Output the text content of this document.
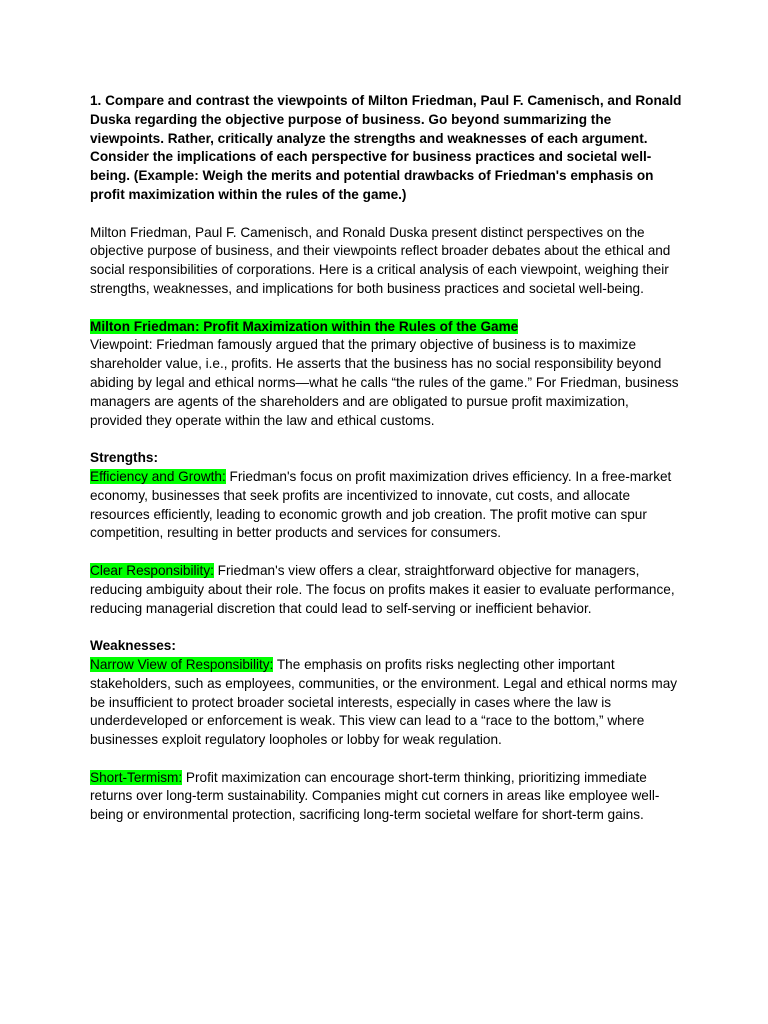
1. Compare and contrast the viewpoints of Milton Friedman, Paul F. Camenisch, and Ronald Duska regarding the objective purpose of business. Go beyond summarizing the viewpoints. Rather, critically analyze the strengths and weaknesses of each argument. Consider the implications of each perspective for business practices and societal well-being. (Example: Weigh the merits and potential drawbacks of Friedman's emphasis on profit maximization within the rules of the game.)

Milton Friedman, Paul F. Camenisch, and Ronald Duska present distinct perspectives on the objective purpose of business, and their viewpoints reflect broader debates about the ethical and social responsibilities of corporations. Here is a critical analysis of each viewpoint, weighing their strengths, weaknesses, and implications for both business practices and societal well-being.

Milton Friedman: Profit Maximization within the Rules of the Game

Viewpoint: Friedman famously argued that the primary objective of business is to maximize shareholder value, i.e., profits. He asserts that the business has no social responsibility beyond abiding by legal and ethical norms—what he calls “the rules of the game.” For Friedman, business managers are agents of the shareholders and are obligated to pursue profit maximization, provided they operate within the law and ethical customs.

Strengths:

Efficiency and Growth: Friedman's focus on profit maximization drives efficiency. In a free-market economy, businesses that seek profits are incentivized to innovate, cut costs, and allocate resources efficiently, leading to economic growth and job creation. The profit motive can spur competition, resulting in better products and services for consumers.

Clear Responsibility: Friedman's view offers a clear, straightforward objective for managers, reducing ambiguity about their role. The focus on profits makes it easier to evaluate performance, reducing managerial discretion that could lead to self-serving or inefficient behavior.

Weaknesses:

Narrow View of Responsibility: The emphasis on profits risks neglecting other important stakeholders, such as employees, communities, or the environment. Legal and ethical norms may be insufficient to protect broader societal interests, especially in cases where the law is underdeveloped or enforcement is weak. This view can lead to a “race to the bottom,” where businesses exploit regulatory loopholes or lobby for weak regulation.

Short-Termism: Profit maximization can encourage short-term thinking, prioritizing immediate returns over long-term sustainability. Companies might cut corners in areas like employee well-being or environmental protection, sacrificing long-term societal welfare for short-term gains.
